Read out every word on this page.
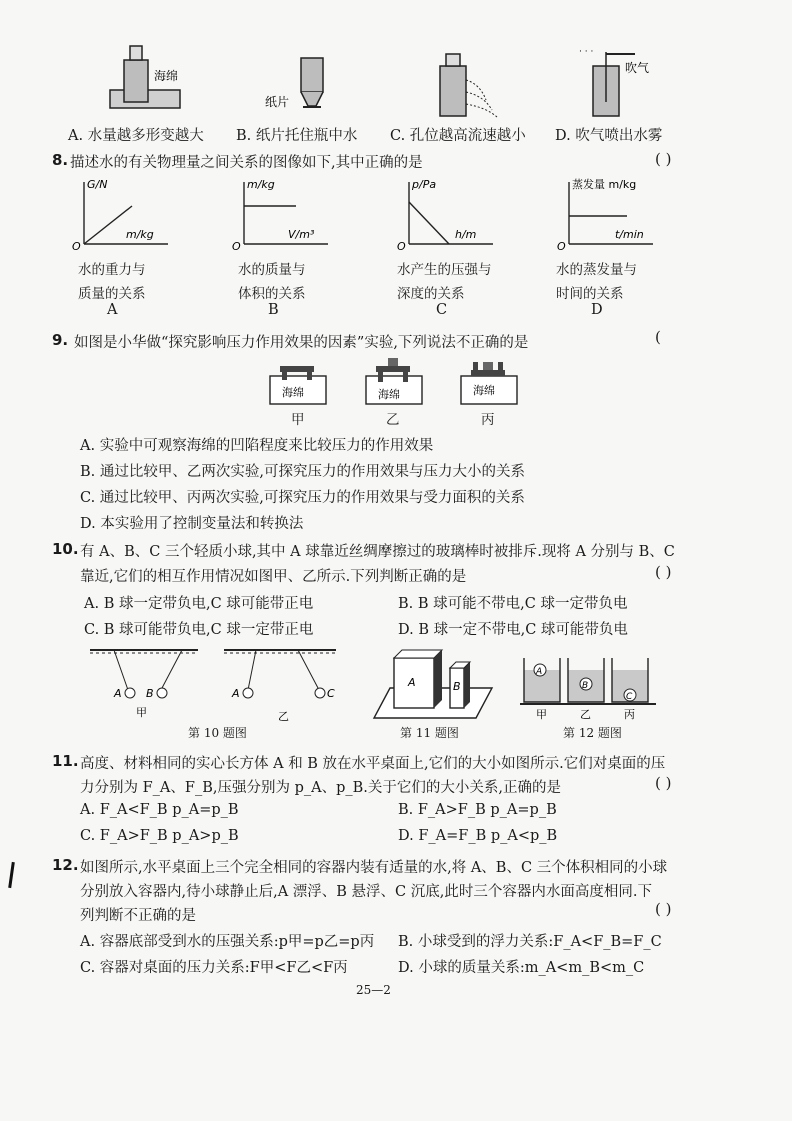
海绵
纸片
· · ·
吹气
A. 水量越多形变越大 B. 纸片托住瓶中水 C. 孔位越高流速越小 D. 吹气喷出水雾
8. 描述水的有关物理量之间关系的图像如下,其中正确的是	( )
G/N
m/kg
O
m/kg
V/m³
O
p/Pa
h/m
O
蒸发量 m/kg
t/min
O
水的重力与
质量的关系
A
水的质量与
体积的关系
B
水产生的压强与
深度的关系
C
水的蒸发量与
时间的关系
D
9. 如图是小华做“探究影响压力作用效果的因素”实验,下列说法不正确的是	(
海绵	海绵	海绵
甲	乙	丙
A. 实验中可观察海绵的凹陷程度来比较压力的作用效果
B. 通过比较甲、乙两次实验,可探究压力的作用效果与压力大小的关系
C. 通过比较甲、丙两次实验,可探究压力的作用效果与受力面积的关系
D. 本实验用了控制变量法和转换法
10. 有 A、B、C 三个轻质小球,其中 A 球靠近丝绸摩擦过的玻璃棒时被排斥.现将 A 分别与 B、C
靠近,它们的相互作用情况如图甲、乙所示.下列判断正确的是	( )
A. B 球一定带负电,C 球可能带正电	B. B 球可能不带电,C 球一定带负电
C. B 球可能带负电,C 球一定带正电	D. B 球一定不带电,C 球可能带负电
A B
甲
A	C
乙
第 10 题图
A	B
第 11 题图
A
B
C
甲	乙	丙
第 12 题图
11. 高度、材料相同的实心长方体 A 和 B 放在水平桌面上,它们的大小如图所示.它们对桌面的压
力分别为 F_A、F_B,压强分别为 p_A、p_B.关于它们的大小关系,正确的是	( )
A. F_A<F_B p_A=p_B	B. F_A>F_B p_A=p_B
C. F_A>F_B p_A>p_B	D. F_A=F_B p_A<p_B
12. 如图所示,水平桌面上三个完全相同的容器内装有适量的水,将 A、B、C 三个体积相同的小球
分别放入容器内,待小球静止后,A 漂浮、B 悬浮、C 沉底,此时三个容器内水面高度相同.下
列判断不正确的是	( )
A. 容器底部受到水的压强关系:p甲=p乙=p丙 B. 小球受到的浮力关系:F_A<F_B=F_C
C. 容器对桌面的压力关系:F甲<F乙<F丙	D. 小球的质量关系:m_A<m_B<m_C
25—2
